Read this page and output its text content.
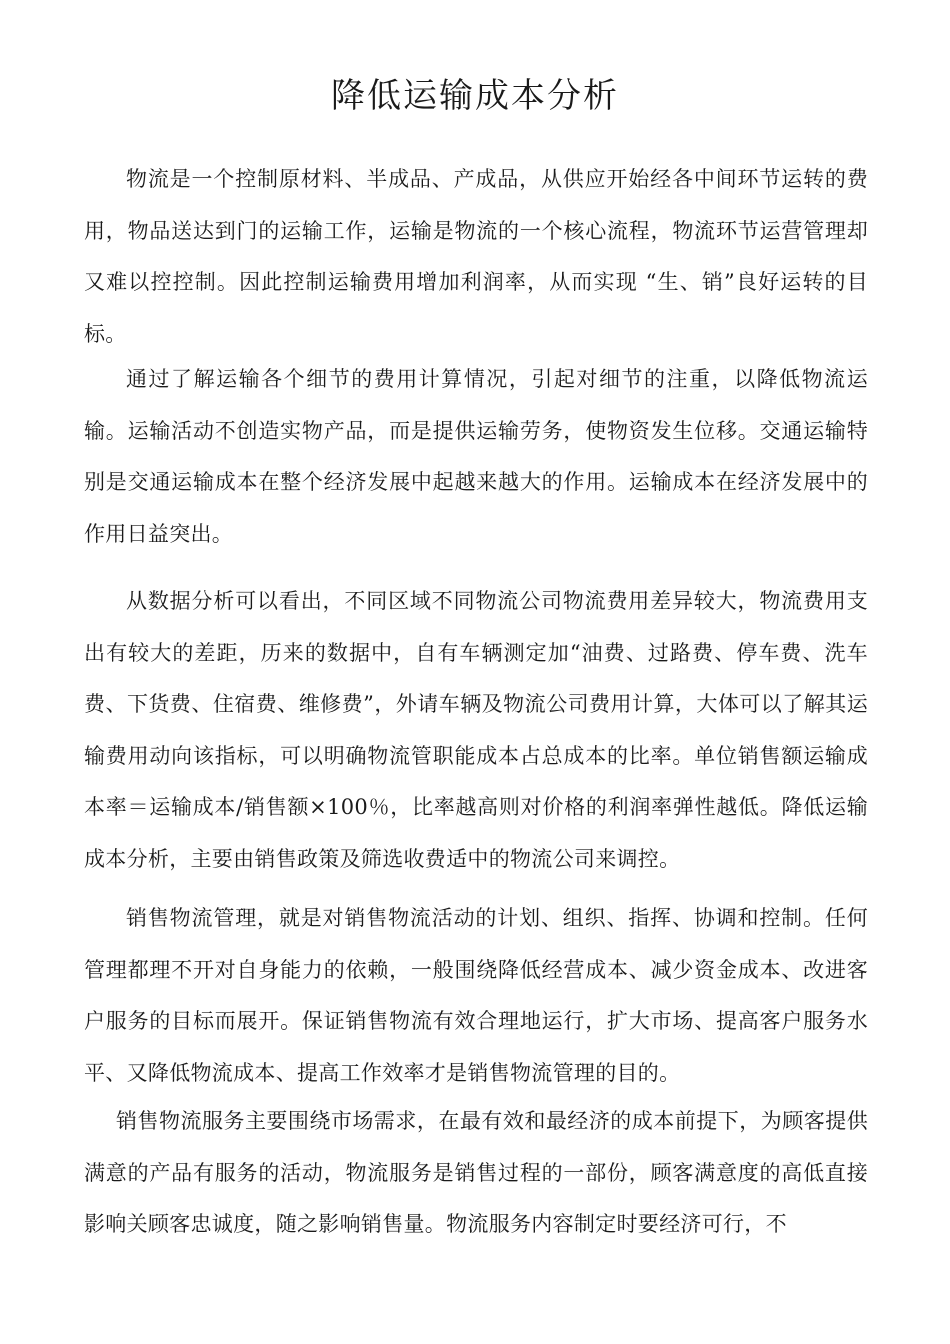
降低运输成本分析

物流是一个控制原材料、半成品、产成品，从供应开始经各中间环节运转的费用，物品送达到门的运输工作，运输是物流的一个核心流程，物流环节运营管理却又难以控控制。因此控制运输费用增加利润率，从而实现 “生、销”良好运转的目标。

通过了解运输各个细节的费用计算情况，引起对细节的注重，以降低物流运输。运输活动不创造实物产品，而是提供运输劳务，使物资发生位移。交通运输特别是交通运输成本在整个经济发展中起越来越大的作用。运输成本在经济发展中的作用日益突出。

从数据分析可以看出，不同区域不同物流公司物流费用差异较大，物流费用支出有较大的差距，历来的数据中，自有车辆测定加“油费、过路费、停车费、洗车费、下货费、住宿费、维修费”，外请车辆及物流公司费用计算，大体可以了解其运输费用动向该指标，可以明确物流管职能成本占总成本的比率。单位销售额运输成本率＝运输成本/销售额×100％，比率越高则对价格的利润率弹性越低。降低运输成本分析，主要由销售政策及筛选收费适中的物流公司来调控。

销售物流管理，就是对销售物流活动的计划、组织、指挥、协调和控制。任何管理都理不开对自身能力的依赖，一般围绕降低经营成本、减少资金成本、改进客户服务的目标而展开。保证销售物流有效合理地运行，扩大市场、提高客户服务水平、又降低物流成本、提高工作效率才是销售物流管理的目的。

销售物流服务主要围绕市场需求，在最有效和最经济的成本前提下，为顾客提供满意的产品有服务的活动，物流服务是销售过程的一部份，顾客满意度的高低直接影响关顾客忠诚度，随之影响销售量。物流服务内容制定时要经济可行，不
